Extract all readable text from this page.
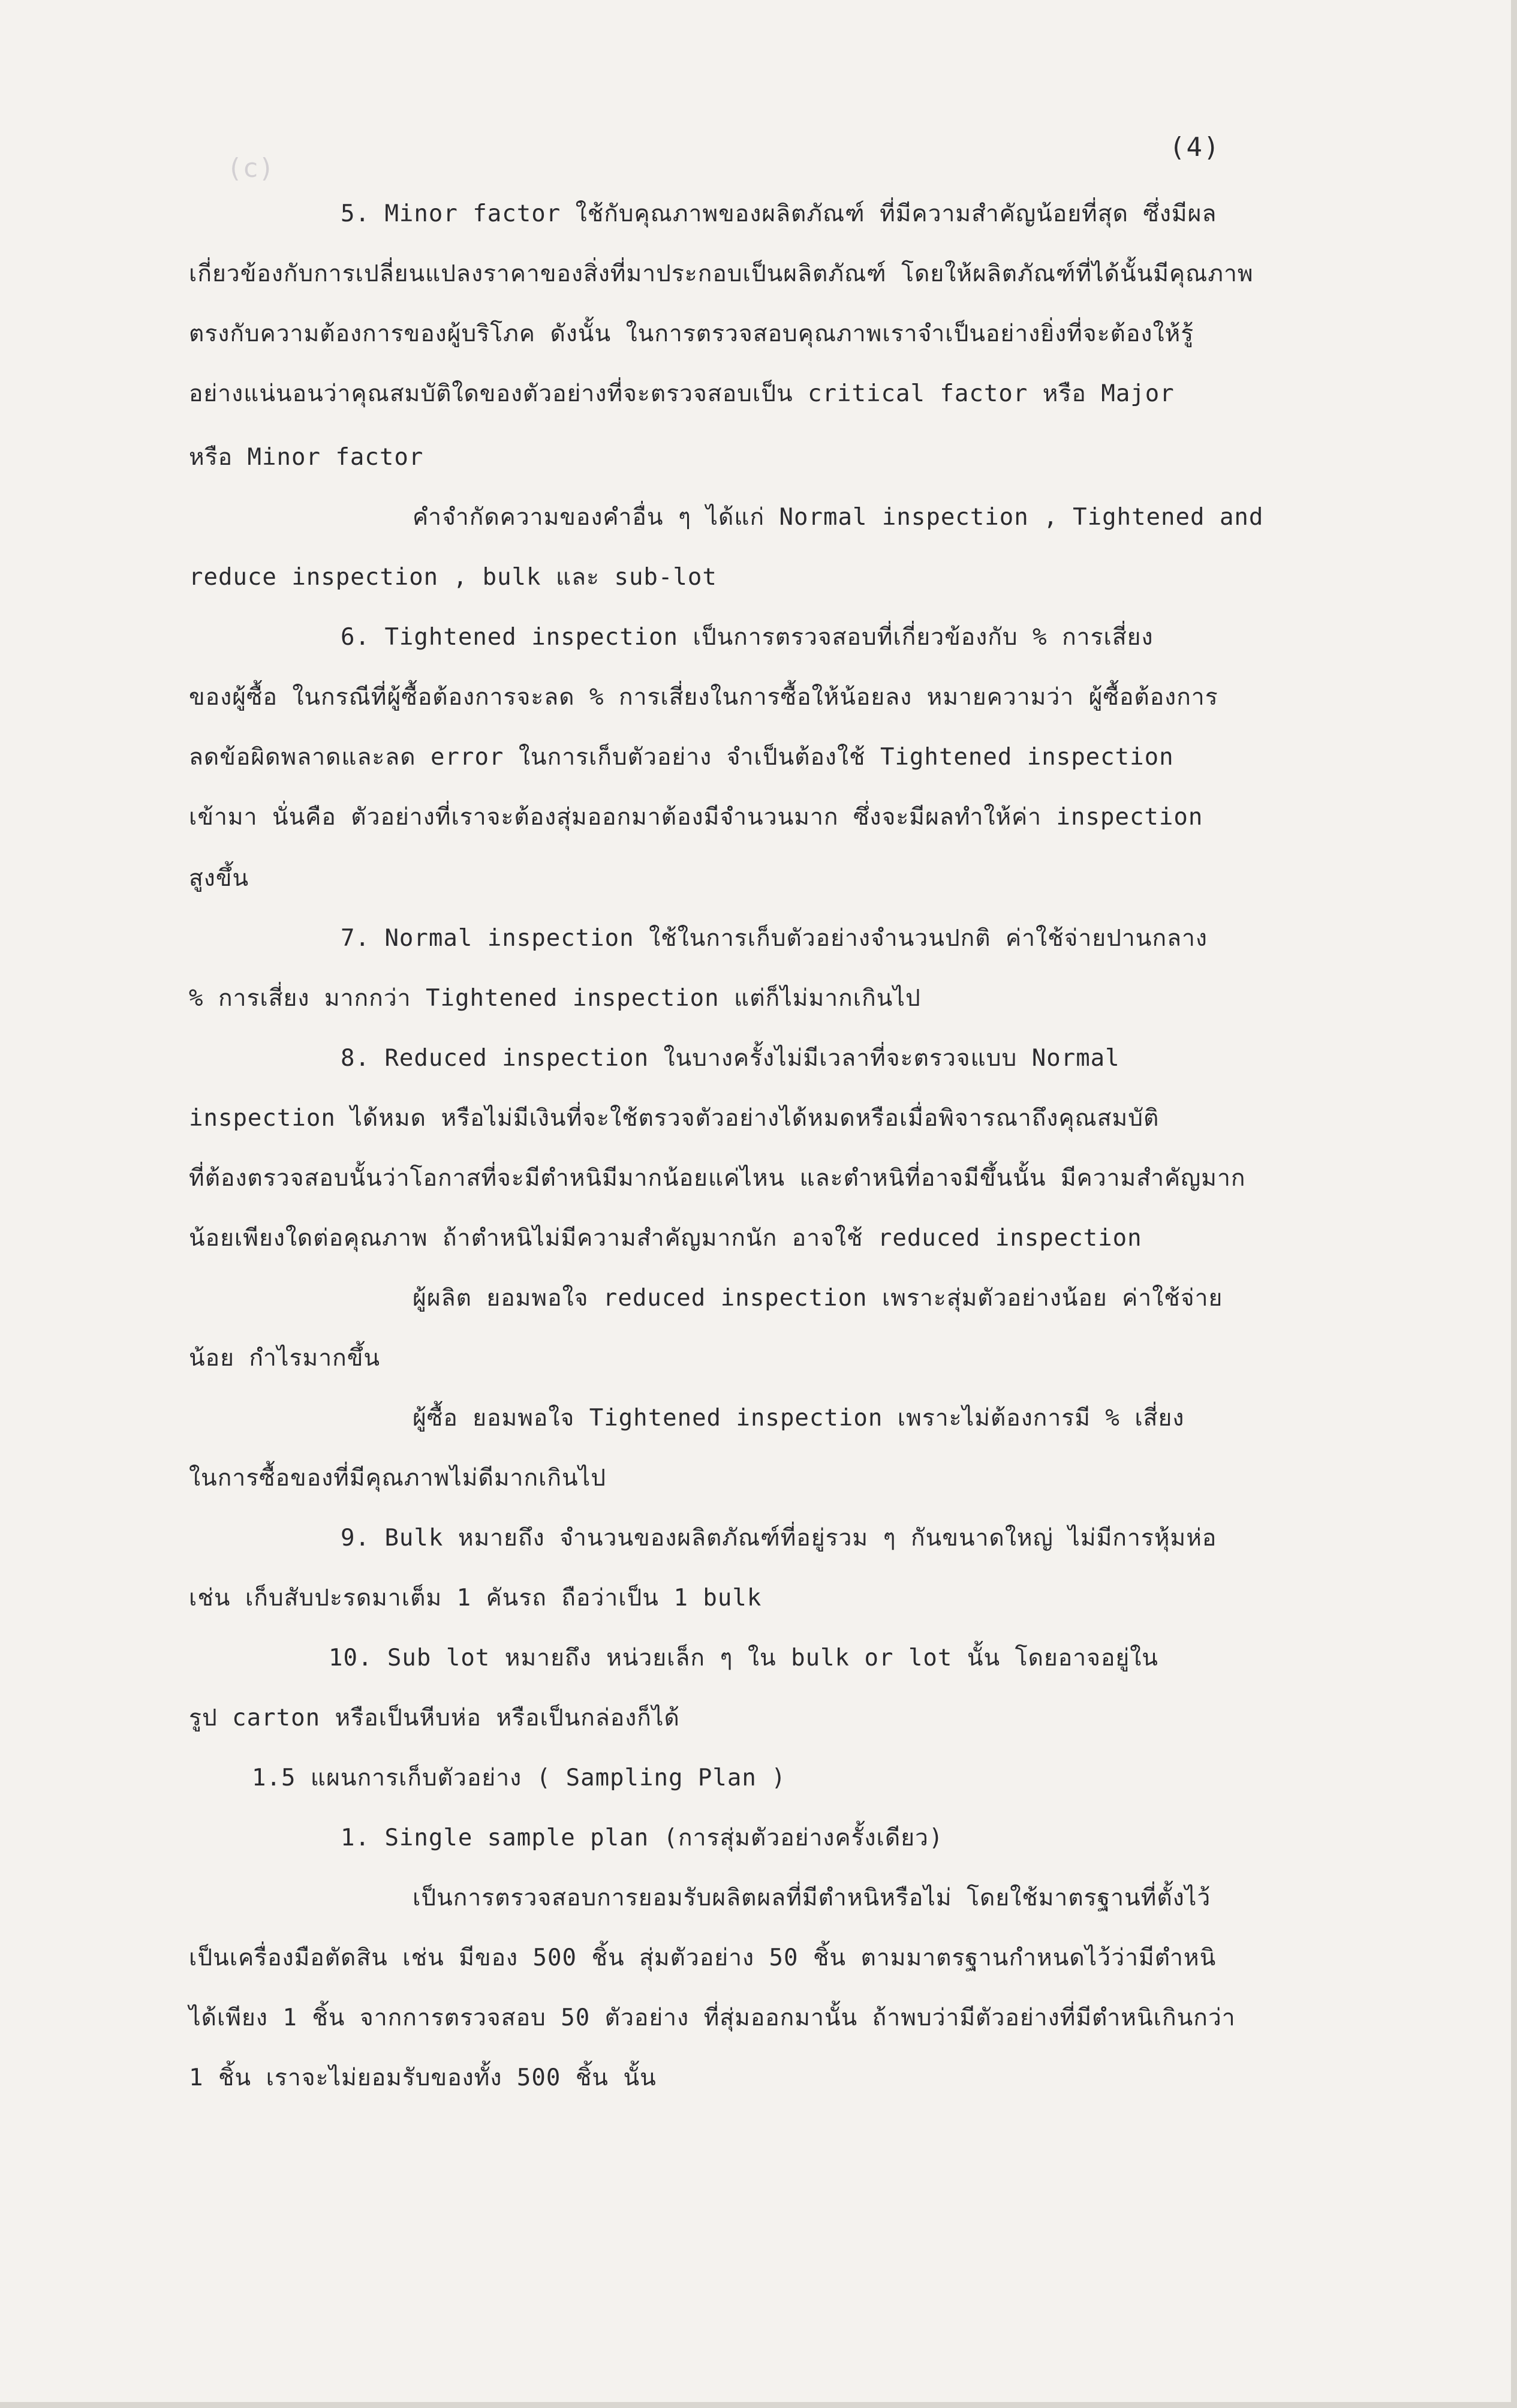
(c)
(4)
5. Minor factor ใช้กับคุณภาพของผลิตภัณฑ์ ที่มีความสำคัญน้อยที่สุด ซึ่งมีผล
เกี่ยวข้องกับการเปลี่ยนแปลงราคาของสิ่งที่มาประกอบเป็นผลิตภัณฑ์ โดยให้ผลิตภัณฑ์ที่ได้นั้นมีคุณภาพ
ตรงกับความต้องการของผู้บริโภค ดังนั้น ในการตรวจสอบคุณภาพเราจำเป็นอย่างยิ่งที่จะต้องให้รู้
อย่างแน่นอนว่าคุณสมบัติใดของตัวอย่างที่จะตรวจสอบเป็น critical factor หรือ Major
หรือ Minor factor
คำจำกัดความของคำอื่น ๆ ได้แก่ Normal inspection , Tightened and
reduce inspection , bulk และ sub-lot
6. Tightened inspection เป็นการตรวจสอบที่เกี่ยวข้องกับ % การเสี่ยง
ของผู้ซื้อ ในกรณีที่ผู้ซื้อต้องการจะลด % การเสี่ยงในการซื้อให้น้อยลง หมายความว่า ผู้ซื้อต้องการ
ลดข้อผิดพลาดและลด error ในการเก็บตัวอย่าง จำเป็นต้องใช้ Tightened inspection
เข้ามา นั่นคือ ตัวอย่างที่เราจะต้องสุ่มออกมาต้องมีจำนวนมาก ซึ่งจะมีผลทำให้ค่า inspection
สูงขึ้น
7. Normal inspection ใช้ในการเก็บตัวอย่างจำนวนปกติ ค่าใช้จ่ายปานกลาง
% การเสี่ยง มากกว่า Tightened inspection แต่ก็ไม่มากเกินไป
8. Reduced inspection ในบางครั้งไม่มีเวลาที่จะตรวจแบบ Normal
inspection ได้หมด หรือไม่มีเงินที่จะใช้ตรวจตัวอย่างได้หมดหรือเมื่อพิจารณาถึงคุณสมบัติ
ที่ต้องตรวจสอบนั้นว่าโอกาสที่จะมีตำหนิมีมากน้อยแค่ไหน และตำหนิที่อาจมีขึ้นนั้น มีความสำคัญมาก
น้อยเพียงใดต่อคุณภาพ ถ้าตำหนิไม่มีความสำคัญมากนัก อาจใช้ reduced inspection
ผู้ผลิต ยอมพอใจ reduced inspection เพราะสุ่มตัวอย่างน้อย ค่าใช้จ่าย
น้อย กำไรมากขึ้น
ผู้ซื้อ ยอมพอใจ Tightened inspection เพราะไม่ต้องการมี % เสี่ยง
ในการซื้อของที่มีคุณภาพไม่ดีมากเกินไป
9. Bulk หมายถึง จำนวนของผลิตภัณฑ์ที่อยู่รวม ๆ กันขนาดใหญ่ ไม่มีการหุ้มห่อ
เช่น เก็บสับปะรดมาเต็ม 1 คันรถ ถือว่าเป็น 1 bulk
10. Sub lot หมายถึง หน่วยเล็ก ๆ ใน bulk or lot นั้น โดยอาจอยู่ใน
รูป carton หรือเป็นหีบห่อ หรือเป็นกล่องก็ได้
1.5 แผนการเก็บตัวอย่าง ( Sampling Plan )
1. Single sample plan (การสุ่มตัวอย่างครั้งเดียว)
เป็นการตรวจสอบการยอมรับผลิตผลที่มีตำหนิหรือไม่ โดยใช้มาตรฐานที่ตั้งไว้
เป็นเครื่องมือตัดสิน เช่น มีของ 500 ชิ้น สุ่มตัวอย่าง 50 ชิ้น ตามมาตรฐานกำหนดไว้ว่ามีตำหนิ
ได้เพียง 1 ชิ้น จากการตรวจสอบ 50 ตัวอย่าง ที่สุ่มออกมานั้น ถ้าพบว่ามีตัวอย่างที่มีตำหนิเกินกว่า
1 ชิ้น เราจะไม่ยอมรับของทั้ง 500 ชิ้น นั้น
